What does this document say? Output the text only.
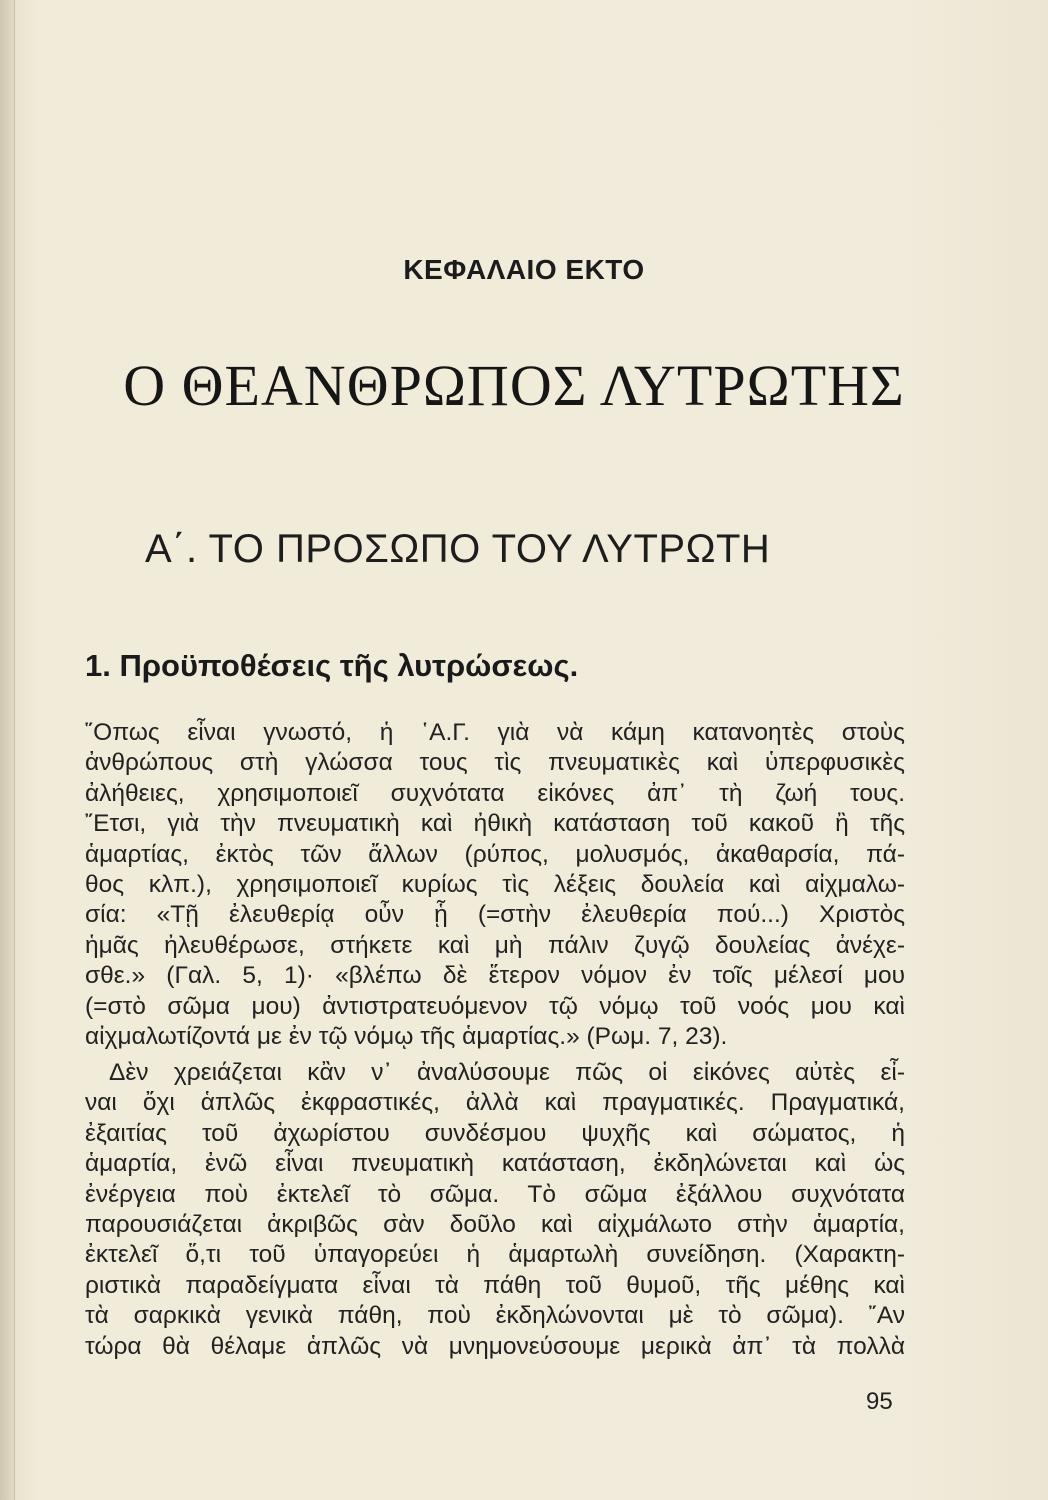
ΚΕΦΑΛΑΙΟ ΕΚΤΟ
Ο ΘΕΑΝΘΡΩΠΟΣ ΛΥΤΡΩΤΗΣ
Α΄. ΤΟ ΠΡΟΣΩΠΟ ΤΟΥ ΛΥΤΡΩΤΗ
1. Προϋποθέσεις τῆς λυτρώσεως.
῞Οπως εἶναι γνωστό, ἡ ῾Α.Γ. γιὰ νὰ κάμη κατανοητὲς στοὺς
ἀνθρώπους στὴ γλώσσα τους τὶς πνευματικὲς καὶ ὑπερφυσικὲς
ἀλήθειες, χρησιμοποιεῖ συχνότατα εἰκόνες ἀπ᾽ τὴ ζωή τους.
῎Ετσι, γιὰ τὴν πνευματικὴ καὶ ἠθικὴ κατάσταση τοῦ κακοῦ ἢ τῆς
ἁμαρτίας, ἐκτὸς τῶν ἄλλων (ρύπος, μολυσμός, ἀκαθαρσία, πά-
θος κλπ.), χρησιμοποιεῖ κυρίως τὶς λέξεις δουλεία καὶ αἰχμαλω-
σία: «Τῇ ἐλευθερίᾳ οὖν ᾗ (=στὴν ἐλευθερία πού...) Χριστὸς
ἡμᾶς ἠλευθέρωσε, στήκετε καὶ μὴ πάλιν ζυγῷ δουλείας ἀνέχε-
σθε.» (Γαλ. 5, 1)· «βλέπω δὲ ἕτερον νόμον ἐν τοῖς μέλεσί μου
(=στὸ σῶμα μου) ἀντιστρατευόμενον τῷ νόμῳ τοῦ νοός μου καὶ
αἰχμαλωτίζοντά με ἐν τῷ νόμῳ τῆς ἁμαρτίας.» (Ρωμ. 7, 23).
Δὲν χρειάζεται κἂν ν᾽ ἀναλύσουμε πῶς οἱ εἰκόνες αὐτὲς εἶ-
ναι ὄχι ἁπλῶς ἐκφραστικές, ἀλλὰ καὶ πραγματικές. Πραγματικά,
ἐξαιτίας τοῦ ἀχωρίστου συνδέσμου ψυχῆς καὶ σώματος, ἡ
ἁμαρτία, ἐνῶ εἶναι πνευματικὴ κατάσταση, ἐκδηλώνεται καὶ ὡς
ἐνέργεια ποὺ ἐκτελεῖ τὸ σῶμα. Τὸ σῶμα ἐξάλλου συχνότατα
παρουσιάζεται ἀκριβῶς σὰν δοῦλο καὶ αἰχμάλωτο στὴν ἁμαρτία,
ἐκτελεῖ ὅ,τι τοῦ ὑπαγορεύει ἡ ἁμαρτωλὴ συνείδηση. (Χαρακτη-
ριστικὰ παραδείγματα εἶναι τὰ πάθη τοῦ θυμοῦ, τῆς μέθης καὶ
τὰ σαρκικὰ γενικὰ πάθη, ποὺ ἐκδηλώνονται μὲ τὸ σῶμα). ῎Αν
τώρα θὰ θέλαμε ἁπλῶς νὰ μνημονεύσουμε μερικὰ ἀπ᾽ τὰ πολλὰ
95
